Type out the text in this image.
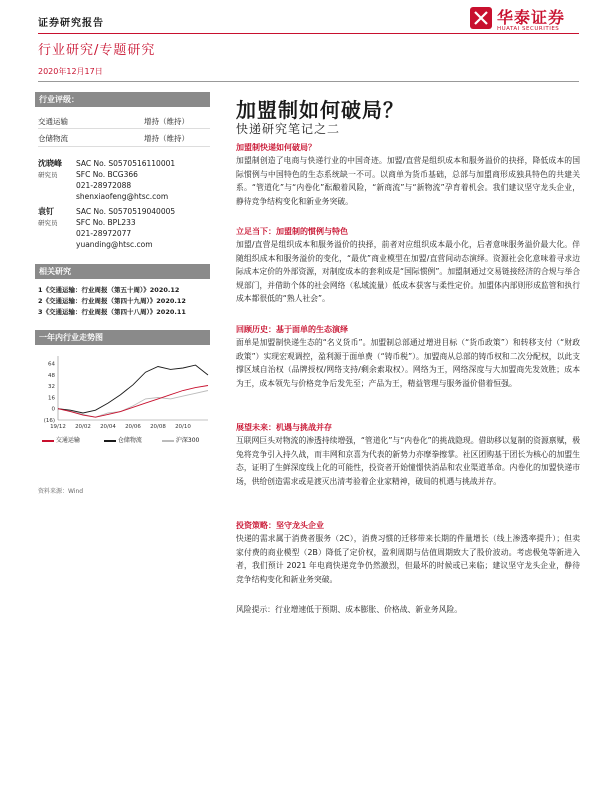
证券研究报告	华泰证券
HUATAI SECURITIES
行业研究/专题研究
2020年12月17日
行业评级：
交通运输	增持（维持）
仓储物流	增持（维持）
沈晓峰
研究员
SAC No. S0570516110001
SFC No. BCG366
021-28972088
shenxiaofeng@htsc.com
袁钉
研究员
SAC No. S0570519040005
SFC No. BPL233
021-28972077
yuanding@htsc.com
相关研究
1《交通运输：行业周报（第五十周）》2020.12
2《交通运输：行业周报（第四十九周）》2020.12
3《交通运输：行业周报（第四十八周）》2020.11
一年内行业走势图
(16)
0
16
32
48
64
19/12 20/02 20/04 20/06 20/08 20/10
交通运输	仓储物流	沪深300
资料来源：Wind
加盟制如何破局？
快递研究笔记之二
加盟制快递如何破局？
加盟制创造了电商与快递行业的中国奇迹。加盟/直营是组织成本和服务溢价的抉择，降低成本的国际惯例与中国特色的生态系统缺一不可。以商单为货币基础，总部与加盟商形成独具特色的共建关系。“管道化”与“内卷化”酝酿着风险，“新商流”与“新物流”孕育着机会。我们建议坚守龙头企业，静待竞争结构变化和新业务突破。
立足当下：加盟制的惯例与特色
加盟/直营是组织成本和服务溢价的抉择，前者对应组织成本最小化，后者意味服务溢价最大化。伴随组织成本和服务溢价的变化，“最优”商业模型在加盟/直营间动态演绎。资源社会化意味着寻求边际成本定价的外部资源，对制度成本的套利成是“国际惯例”。加盟制通过交易链接经济的合规与举合规部门，并借助个体的社会网络（私域流量）低成本获客与柔性定价。加盟体内部则形成监管和执行成本都很低的“熟人社会”。
回顾历史：基于面单的生态演绎
面单是加盟制快递生态的“名义货币”。加盟制总部通过增进目标（“货币政策”）和转移支付（“财政政策”）实现宏观调控，盈利源于面单费（“铸币税”）。加盟商从总部的铸币权和二次分配权，以此支撑区域自治权（品牌授权/网络支持/剩余索取权）。网络为王，网络深度与大加盟商先发效胜；成本为王，成本领先与价格竞争后发先至；产品为王，精益管理与服务溢价借着恒强。
展望未来：机遇与挑战并存
互联网巨头对物流的渗透持续增强，“管道化”与“内卷化”的挑战隐现。借助移以复制的资源禀赋，极兔将竞争引入持久战，而丰网和京喜为代表的新势力亦摩拳擦掌。社区团购基于团长为核心的加盟生态，证明了生鲜深度线上化的可能性，投资者开始憧憬快消品和农业渠道革命。内卷化的加盟快递市场，供给创造需求或是渡灭出清考验着企业家精神，破局的机遇与挑战并存。
投资策略：坚守龙头企业
快递的需求属于消费者服务（2C），消费习惯的迁移带来长期的件量增长（线上渗透率提升）；但卖家付费的商业模型（2B）降低了定价权，盈利周期与估值周期致大了股价波动。考虑极兔等新进入者，我们预计 2021 年电商快递竞争仍然激烈，但最坏的时候或已来临；建议坚守龙头企业，静待竞争结构变化和新业务突破。
风险提示：行业增速低于预期、成本膨胀、价格战、新业务风险。
